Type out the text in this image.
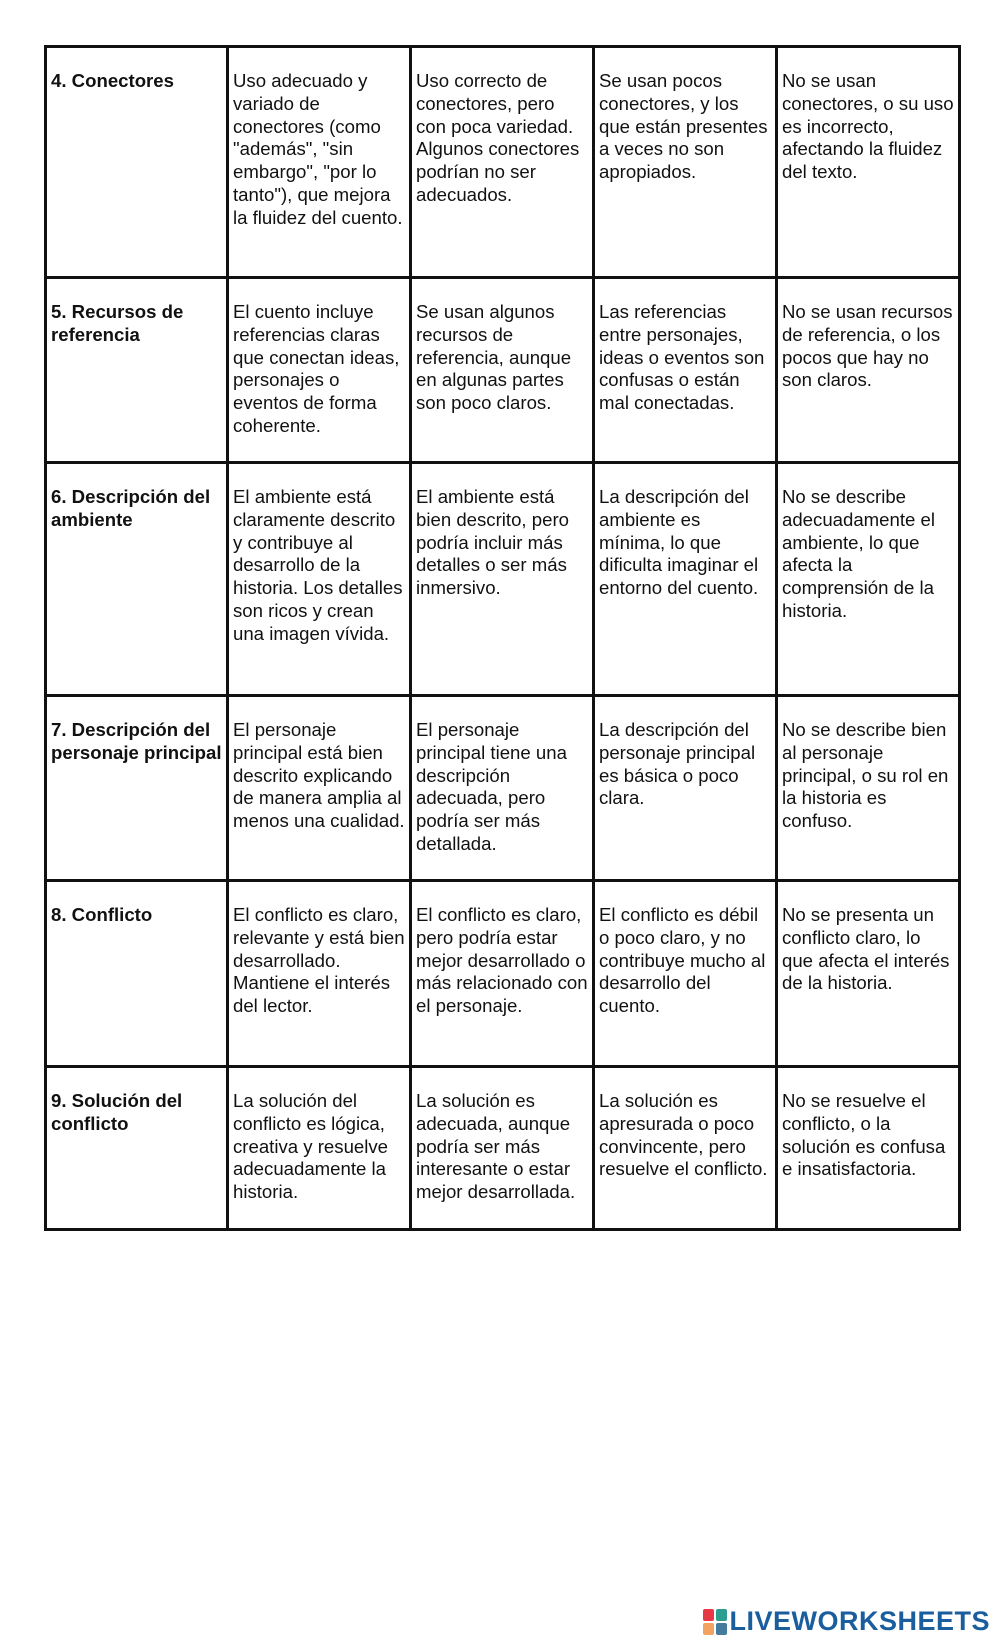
4. Conectores	Uso adecuado y variado de conectores (como "además", "sin embargo", "por lo tanto"), que mejora la fluidez del cuento.	Uso correcto de conectores, pero con poca variedad. Algunos conectores podrían no ser adecuados.	Se usan pocos conectores, y los que están presentes a veces no son apropiados.	No se usan conectores, o su uso es incorrecto, afectando la fluidez del texto.
5. Recursos de referencia	El cuento incluye referencias claras que conectan ideas, personajes o eventos de forma coherente.	Se usan algunos recursos de referencia, aunque en algunas partes son poco claros.	Las referencias entre personajes, ideas o eventos son confusas o están mal conectadas.	No se usan recursos de referencia, o los pocos que hay no son claros.
6. Descripción del ambiente	El ambiente está claramente descrito y contribuye al desarrollo de la historia. Los detalles son ricos y crean una imagen vívida.	El ambiente está bien descrito, pero podría incluir más detalles o ser más inmersivo.	La descripción del ambiente es mínima, lo que dificulta imaginar el entorno del cuento.	No se describe adecuadamente el ambiente, lo que afecta la comprensión de la historia.
7. Descripción del personaje principal	El personaje principal está bien descrito explicando de manera amplia al menos una cualidad.	El personaje principal tiene una descripción adecuada, pero podría ser más detallada.	La descripción del personaje principal es básica o poco clara.	No se describe bien al personaje principal, o su rol en la historia es confuso.
8. Conflicto	El conflicto es claro, relevante y está bien desarrollado. Mantiene el interés del lector.	El conflicto es claro, pero podría estar mejor desarrollado o más relacionado con el personaje.	El conflicto es débil o poco claro, y no contribuye mucho al desarrollo del cuento.	No se presenta un conflicto claro, lo que afecta el interés de la historia.
9. Solución del conflicto	La solución del conflicto es lógica, creativa y resuelve adecuadamente la historia.	La solución es adecuada, aunque podría ser más interesante o estar mejor desarrollada.	La solución es apresurada o poco convincente, pero resuelve el conflicto.	No se resuelve el conflicto, o la solución es confusa e insatisfactoria.
LIVEWORKSHEETS
